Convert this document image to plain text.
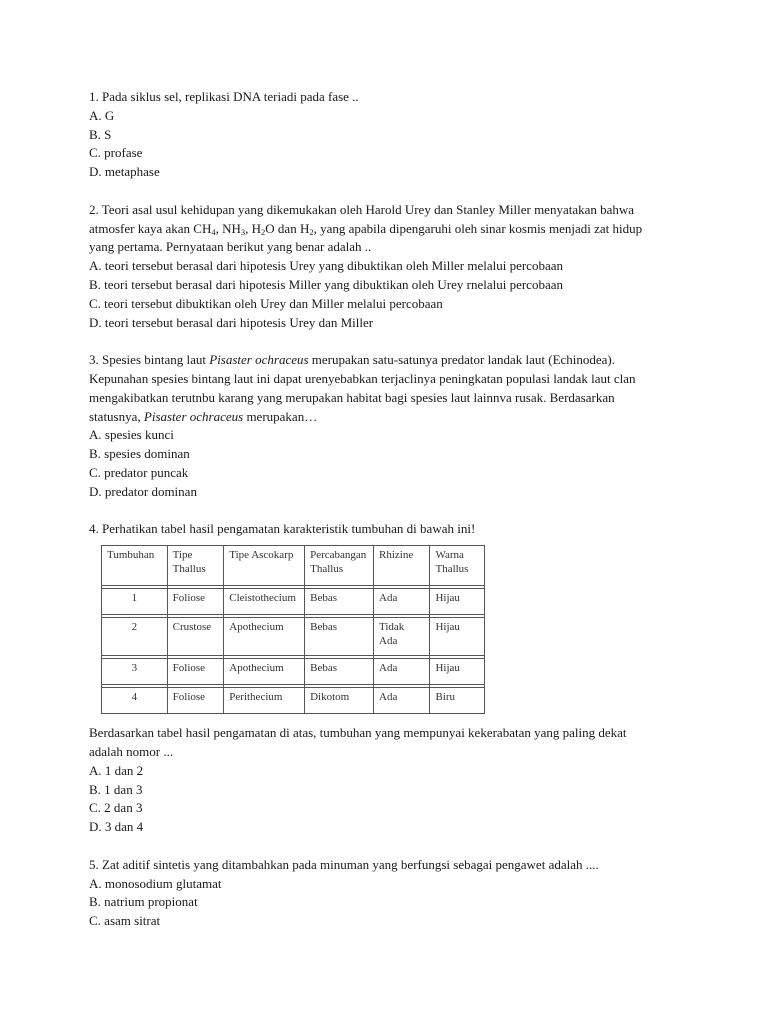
1. Pada siklus sel, replikasi DNA teriadi pada fase ..
A. G
B. S
C. profase
D. metaphase
2. Teori asal usul kehidupan yang dikemukakan oleh Harold Urey dan Stanley Miller menyatakan bahwa
atmosfer kaya akan $CH_4$, $NH_3$, $H_2O$ dan $H_2$, yang apabila dipengaruhi oleh sinar kosmis menjadi zat hidup
yang pertama. Pernyataan berikut yang benar adalah ..
A. teori tersebut berasal dari hipotesis Urey yang dibuktikan oleh Miller melalui percobaan
B. teori tersebut berasal dari hipotesis Miller yang dibuktikan oleh Urey rnelalui percobaan
C. teori tersebut dibuktikan oleh Urey dan Miller melalui percobaan
D. teori tersebut berasal dari hipotesis Urey dan Miller
3. Spesies bintang laut Pisaster ochraceus merupakan satu-satunya predator landak laut (Echinodea).
Kepunahan spesies bintang laut ini dapat urenyebabkan terjaclinya peningkatan populasi landak laut clan
mengakibatkan terutnbu karang yang merupakan habitat bagi spesies laut lainnva rusak. Berdasarkan
statusnya, Pisaster ochraceus merupakan…
A. spesies kunci
B. spesies dominan
C. predator puncak
D. predator dominan
4. Perhatikan tabel hasil pengamatan karakteristik tumbuhan di bawah ini!
Tumbuhan	Tipe Thallus	Tipe Ascokarp	Percabangan Thallus	Rhizine	Warna Thallus

1	Foliose	Cleistothecium	Bebas	Ada	Hijau

2	Crustose	Apothecium	Bebas	Tidak Ada	Hijau

3	Foliose	Apothecium	Bebas	Ada	Hijau

4	Foliose	Perithecium	Dikotom	Ada	Biru
Berdasarkan tabel hasil pengamatan di atas, tumbuhan yang mempunyai kekerabatan yang paling dekat
adalah nomor ...
A. 1 dan 2
B. 1 dan 3
C. 2 dan 3
D. 3 dan 4
5. Zat aditif sintetis yang ditambahkan pada minuman yang berfungsi sebagai pengawet adalah ....
A. monosodium glutamat
B. natrium propionat
C. asam sitrat
